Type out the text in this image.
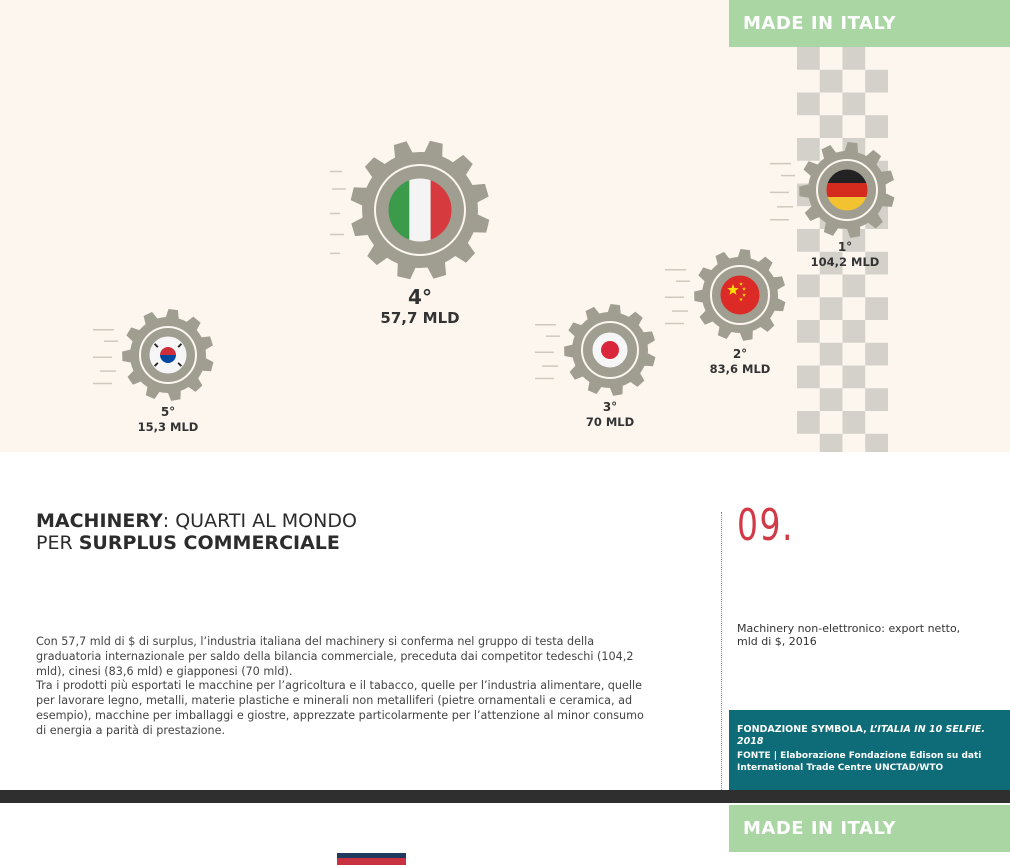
MADE IN ITALY
4°
57,7 MLD
1°
104,2 MLD
2°
83,6 MLD
3°
70 MLD
5°
15,3 MLD
MACHINERY: QUARTI AL MONDO
PER SURPLUS COMMERCIALE

Con 57,7 mld di $ di surplus, l’industria italiana del machinery si conferma nel gruppo di testa della graduatoria internazionale per saldo della bilancia commerciale, preceduta dai competitor tedeschi (104,2 mld), cinesi (83,6 mld) e giapponesi (70 mld).

Tra i prodotti più esportati le macchine per l’agricoltura e il tabacco, quelle per l’industria alimentare, quelle per lavorare legno, metalli, materie plastiche e minerali non metalliferi (pietre ornamentali e ceramica, ad esempio), macchine per imballaggi e giostre, apprezzate particolarmente per l’attenzione al minor consumo di energia a parità di prestazione.

09.
Machinery non-elettronico: export netto, mld di $, 2016
FONDAZIONE SYMBOLA, L’ITALIA IN 10 SELFIE. 2018
FONTE | Elaborazione Fondazione Edison su dati International Trade Centre UNCTAD/WTO
MADE IN ITALY
